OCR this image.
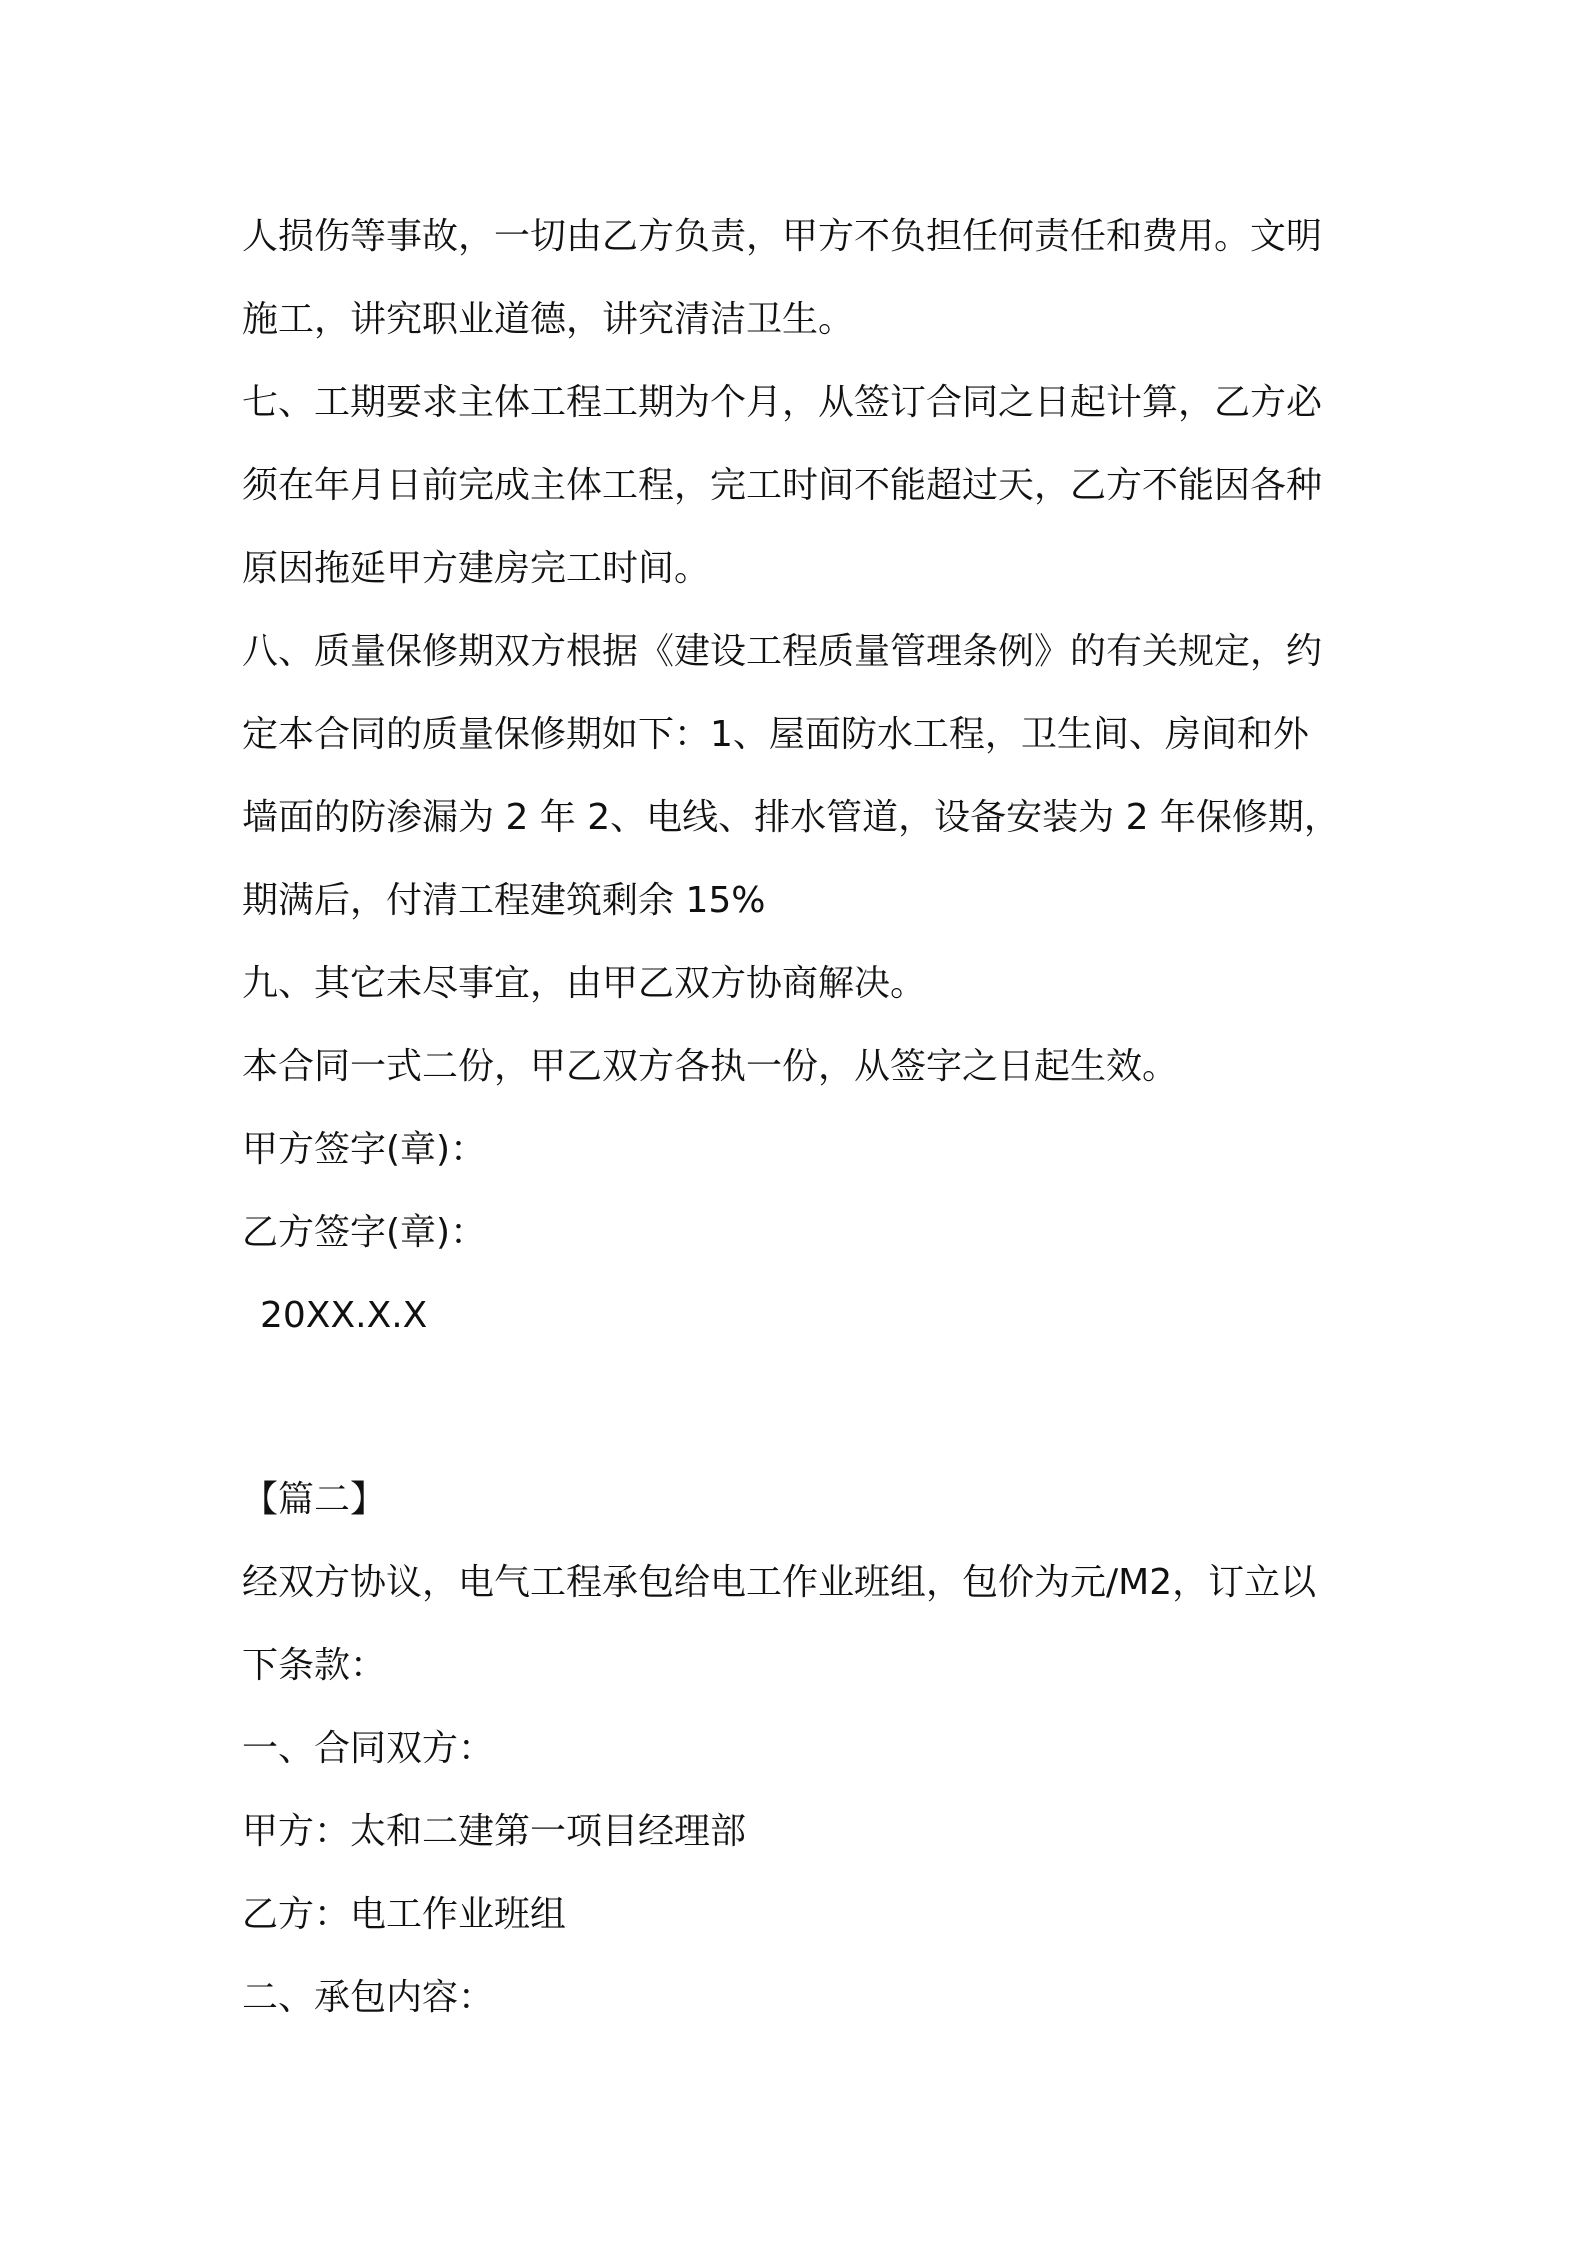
人损伤等事故，一切由乙方负责，甲方不负担任何责任和费用。文明
施工，讲究职业道德，讲究清洁卫生。
七、工期要求主体工程工期为个月，从签订合同之日起计算，乙方必
须在年月日前完成主体工程，完工时间不能超过天，乙方不能因各种
原因拖延甲方建房完工时间。
八、质量保修期双方根据《建设工程质量管理条例》的有关规定，约
定本合同的质量保修期如下：1、屋面防水工程，卫生间、房间和外
墙面的防渗漏为 2 年 2、电线、排水管道，设备安装为 2 年保修期，
期满后，付清工程建筑剩余 15%
九、其它未尽事宜，由甲乙双方协商解决。
本合同一式二份，甲乙双方各执一份，从签字之日起生效。
甲方签字(章)：
乙方签字(章)：
20XX.X.X
【篇二】
经双方协议，电气工程承包给电工作业班组，包价为元/M2，订立以
下条款：
一、合同双方：
甲方：太和二建第一项目经理部
乙方：电工作业班组
二、承包内容：
